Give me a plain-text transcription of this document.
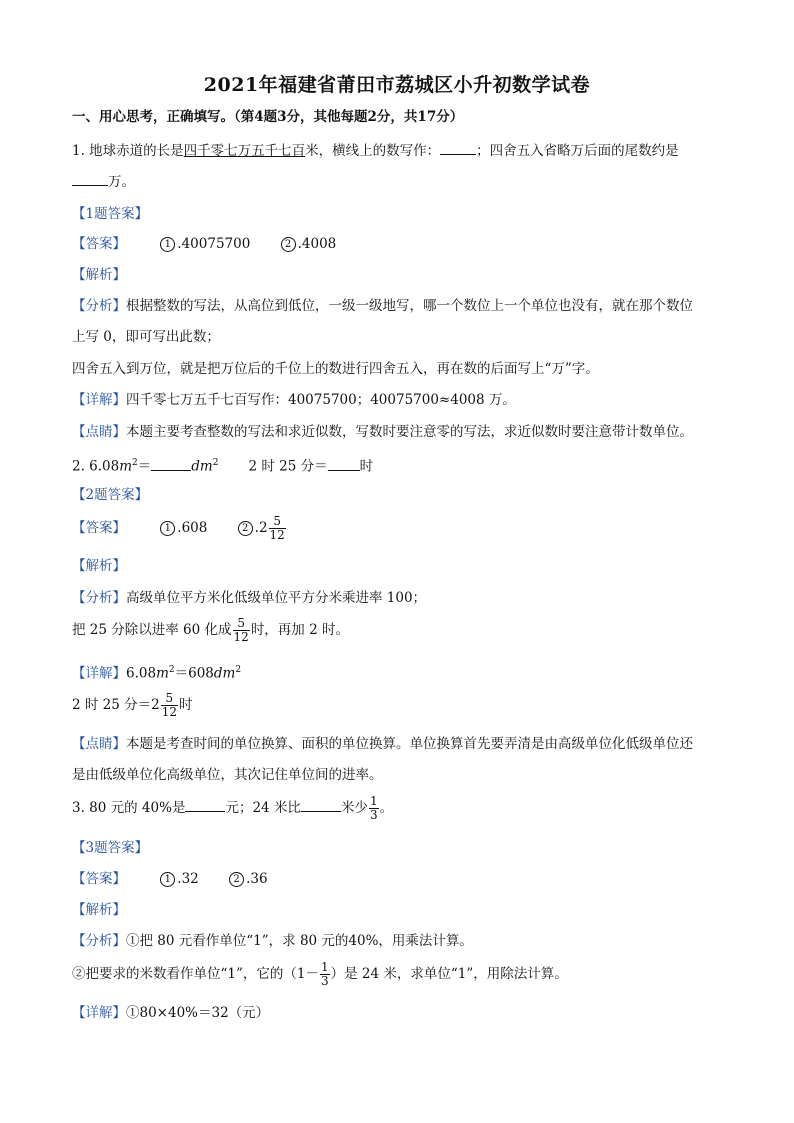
2021年福建省莆田市荔城区小升初数学试卷
一、用心思考，正确填写。（第4题3分，其他每题2分，共17分）
1. 地球赤道的长是四千零七万五千七百米，横线上的数写作：	；四舍五入省略万后面的尾数约是
万。
【1题答案】
【答案】	1 .40075700	2 .4008
【解析】
【分析】根据整数的写法，从高位到低位，一级一级地写，哪一个数位上一个单位也没有，就在那个数位
上写 0，即可写出此数；
四舍五入到万位，就是把万位后的千位上的数进行四舍五入，再在数的后面写上“万”字。
【详解】四千零七万五千七百写作：40075700；40075700≈4008 万。
【点睛】本题主要考查整数的写法和求近似数，写数时要注意零的写法，求近似数时要注意带计数单位。
2. $6.08m^2=$	$dm^2$ 2 时 25 分＝ 时
【2题答案】
【答案】	1 .608	2 $.2 \frac{5}{12}$
【解析】
【分析】高级单位平方米化低级单位平方分米乘进率 100；
把 25 分除以进率 60 化成 $\frac{5}{12}$ 时，再加 2 时。
【详解】$6.08m^2=608dm^2$
2 时 25 分$=2 \frac{5}{12}$ 时
【点睛】本题是考查时间的单位换算、面积的单位换算。单位换算首先要弄清是由高级单位化低级单位还
是由低级单位化高级单位，其次记住单位间的进率。
3. 80 元的 40%是	元；24 米比	米少 $\frac{1}{3}$ 。
【3题答案】
【答案】	1 .32	2 .36
【解析】
【分析】①把 80 元看作单位“1”，求 80 元的40%，用乘法计算。
②把要求的米数看作单位“1”，它的（$1- \frac{1}{3}$ ）是 24 米，求单位“1”，用除法计算。
【详解】①80×40%＝32（元）
